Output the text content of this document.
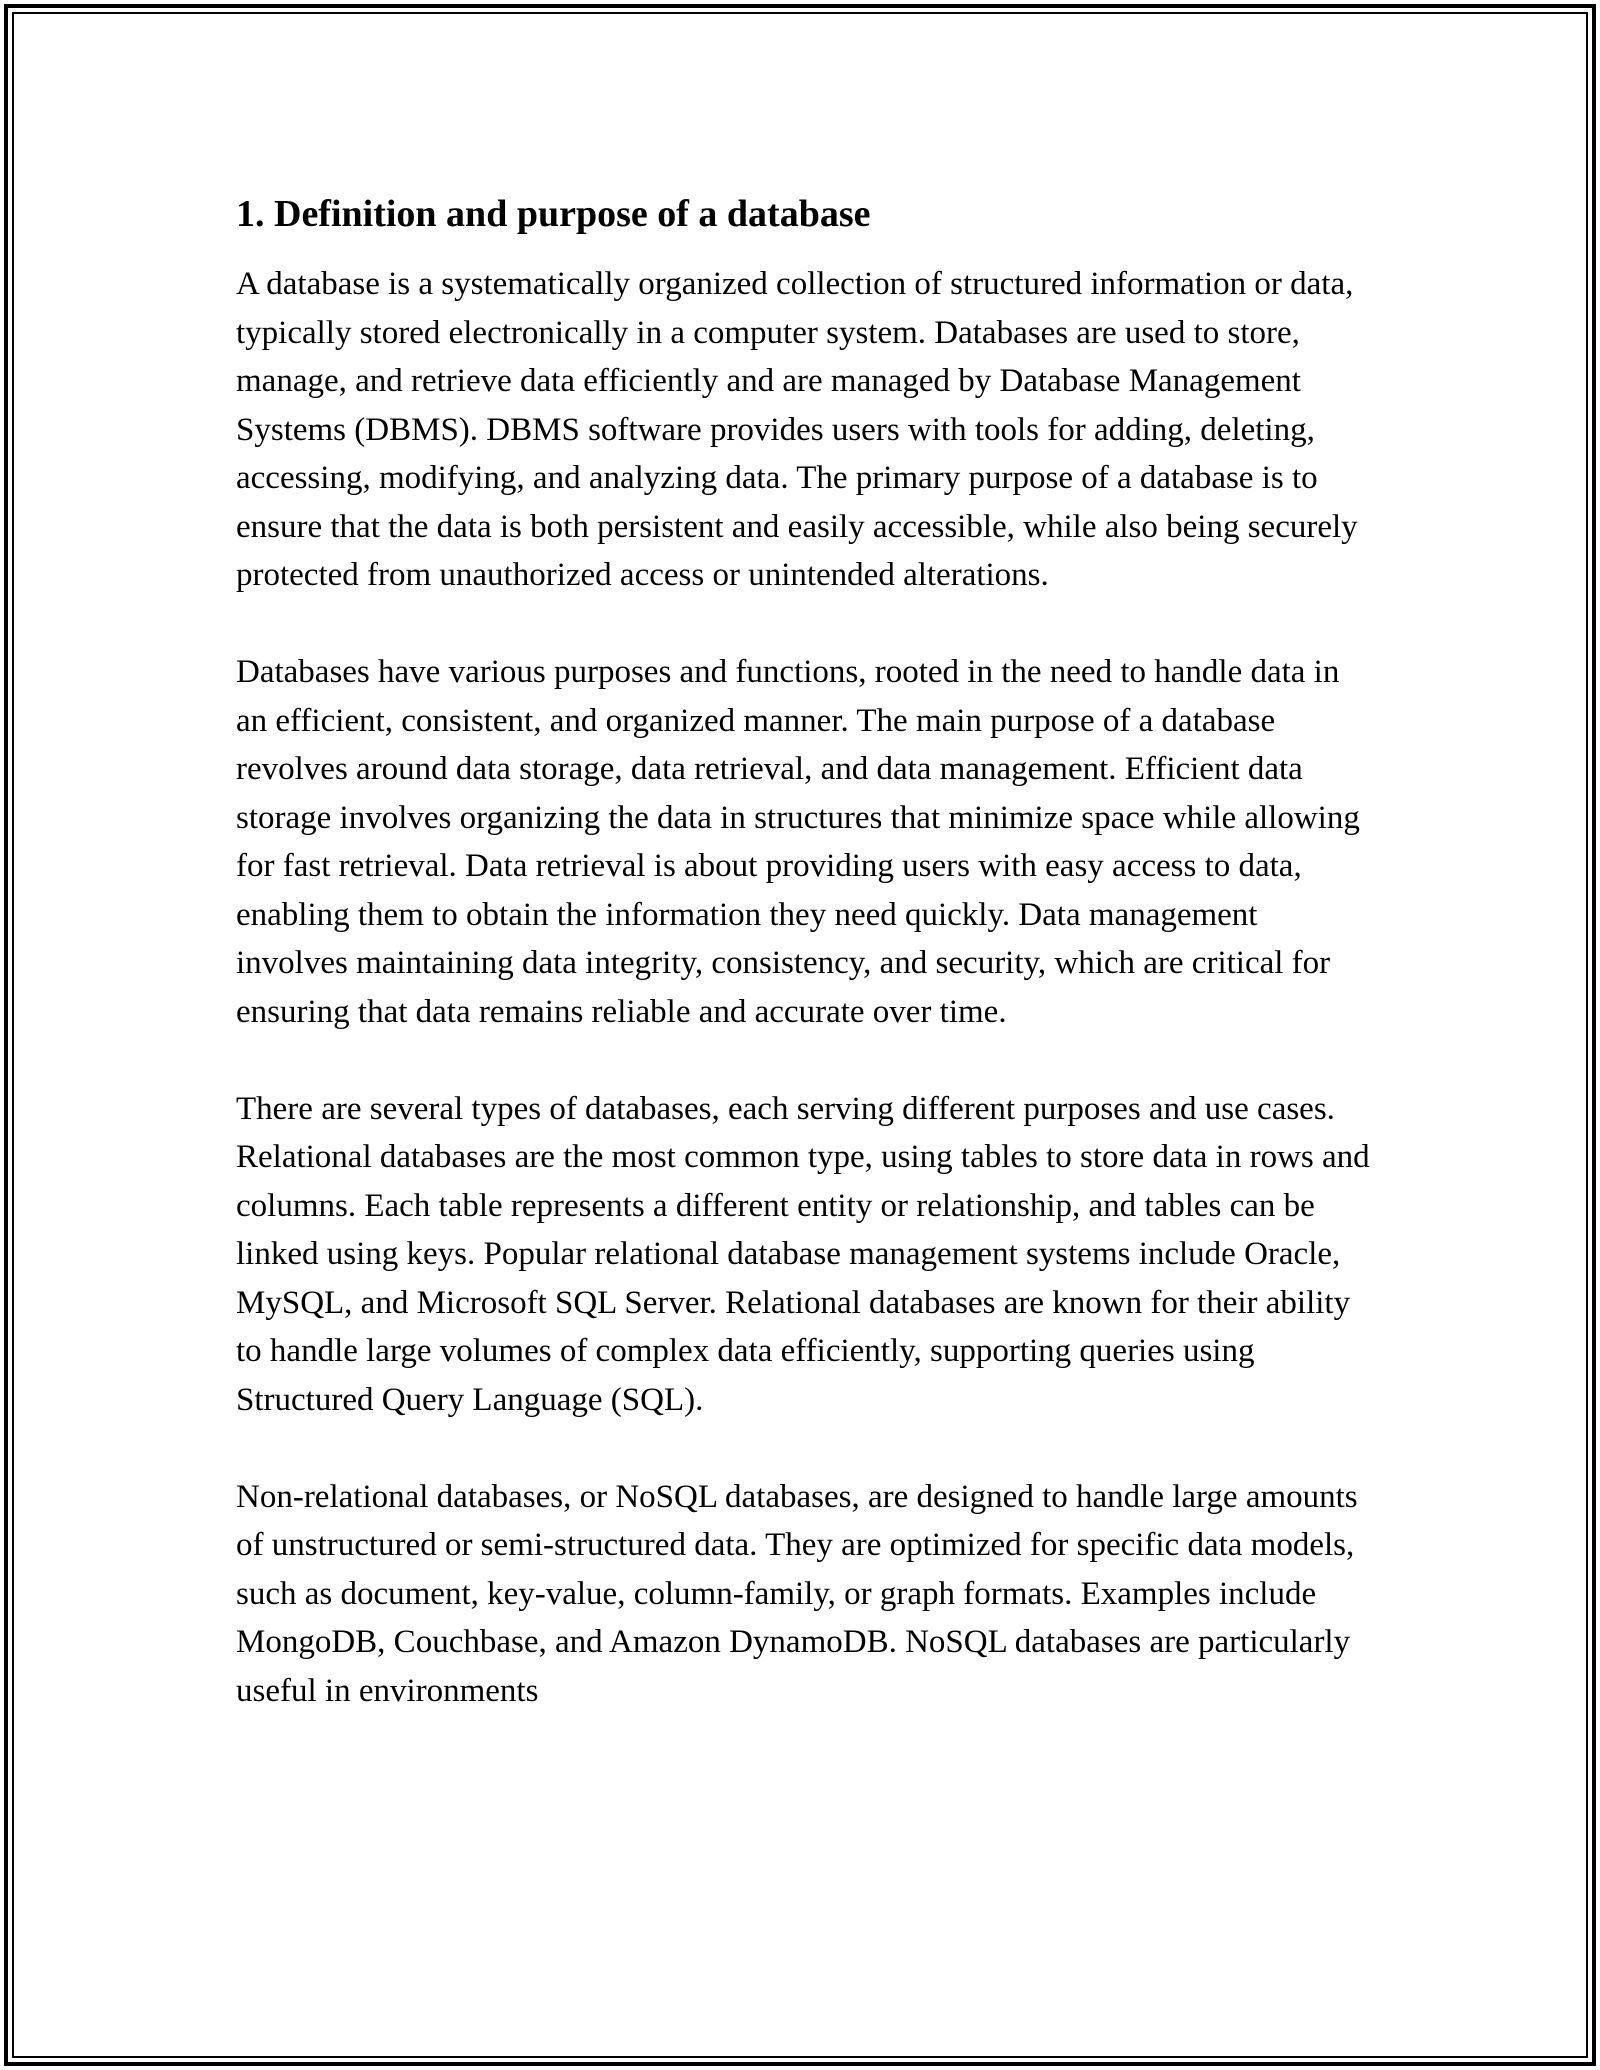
1. Definition and purpose of a database

A database is a systematically organized collection of structured information or data, typically stored electronically in a computer system. Databases are used to store, manage, and retrieve data efficiently and are managed by Database Management Systems (DBMS). DBMS software provides users with tools for adding, deleting, accessing, modifying, and analyzing data. The primary purpose of a database is to ensure that the data is both persistent and easily accessible, while also being securely protected from unauthorized access or unintended alterations.

Databases have various purposes and functions, rooted in the need to handle data in an efficient, consistent, and organized manner. The main purpose of a database revolves around data storage, data retrieval, and data management. Efficient data storage involves organizing the data in structures that minimize space while allowing for fast retrieval. Data retrieval is about providing users with easy access to data, enabling them to obtain the information they need quickly. Data management involves maintaining data integrity, consistency, and security, which are critical for ensuring that data remains reliable and accurate over time.

There are several types of databases, each serving different purposes and use cases. Relational databases are the most common type, using tables to store data in rows and columns. Each table represents a different entity or relationship, and tables can be linked using keys. Popular relational database management systems include Oracle, MySQL, and Microsoft SQL Server. Relational databases are known for their ability to handle large volumes of complex data efficiently, supporting queries using Structured Query Language (SQL).

Non-relational databases, or NoSQL databases, are designed to handle large amounts of unstructured or semi-structured data. They are optimized for specific data models, such as document, key-value, column-family, or graph formats. Examples include MongoDB, Couchbase, and Amazon DynamoDB. NoSQL databases are particularly useful in environments
